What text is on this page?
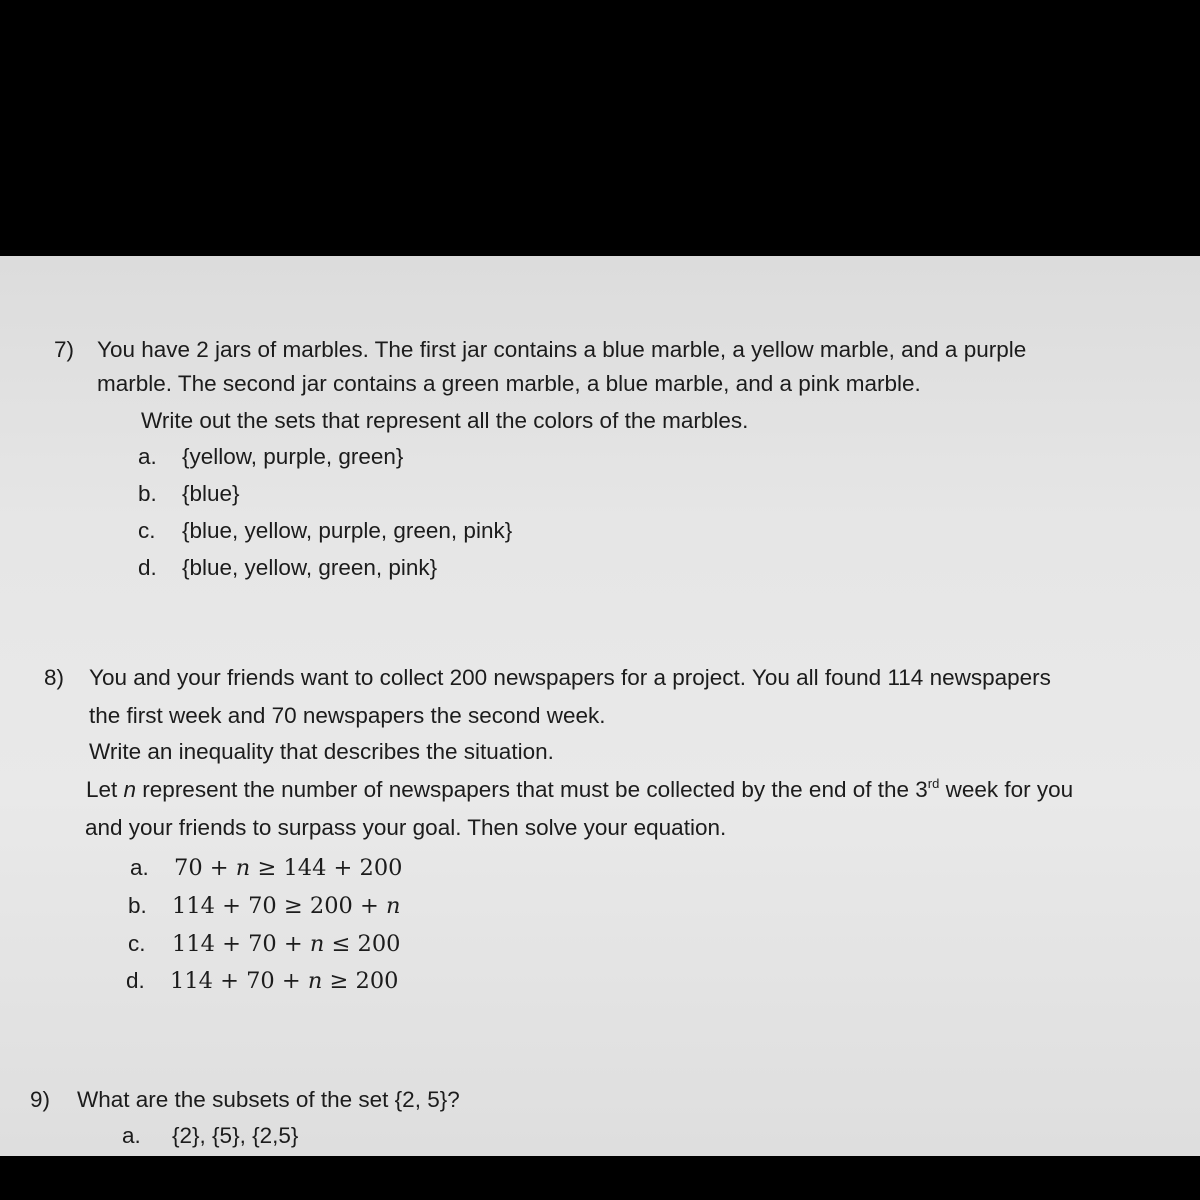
7) You have 2 jars of marbles. The first jar contains a blue marble, a yellow marble, and a purple
marble. The second jar contains a green marble, a blue marble, and a pink marble.
Write out the sets that represent all the colors of the marbles.
a. {yellow, purple, green}
b. {blue}
c. {blue, yellow, purple, green, pink}
d. {blue, yellow, green, pink}
8) You and your friends want to collect 200 newspapers for a project. You all found 114 newspapers
the first week and 70 newspapers the second week.
Write an inequality that describes the situation.
Let n represent the number of newspapers that must be collected by the end of the 3rd week for you
and your friends to surpass your goal. Then solve your equation.
a. 70 + n ≥ 144 + 200
b. 114 + 70 ≥ 200 + n
c. 114 + 70 + n ≤ 200
d. 114 + 70 + n ≥ 200
9) What are the subsets of the set {2, 5}?
a. {2}, {5}, {2,5}
